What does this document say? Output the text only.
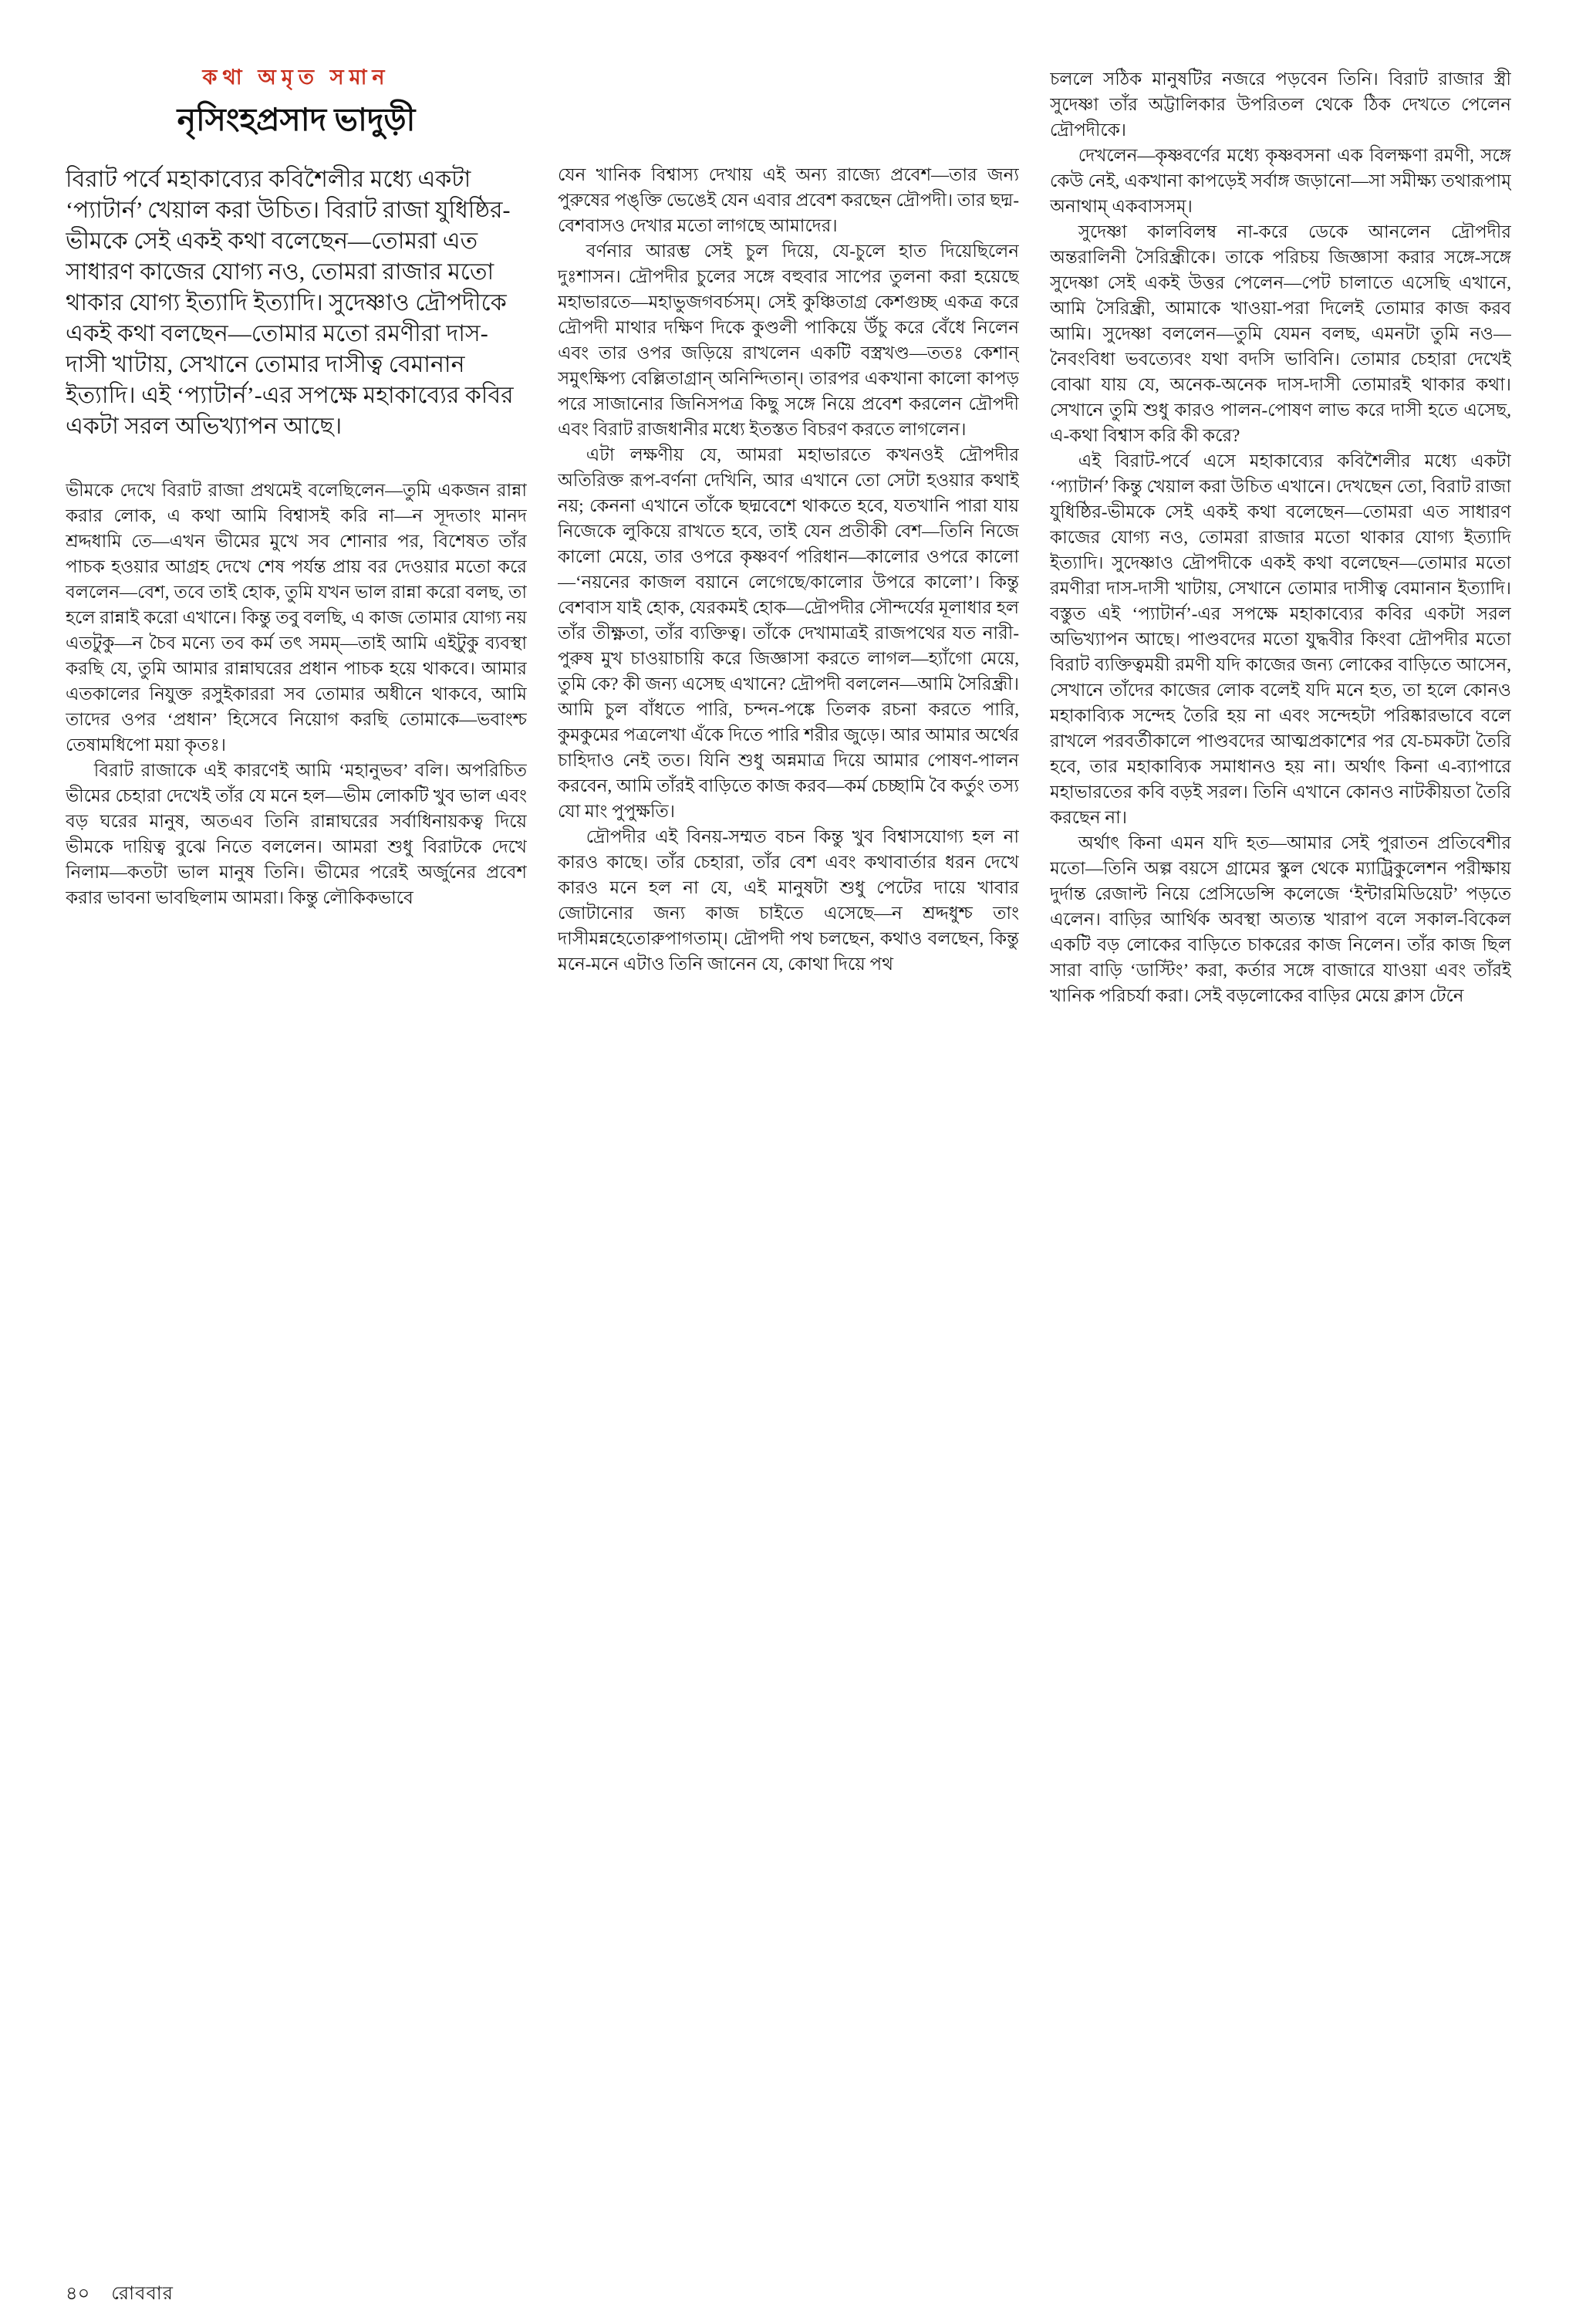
কথা অমৃত সমান
নৃসিংহপ্রসাদ ভাদুড়ী
বিরাট পর্বে মহাকাব্যের কবিশৈলীর মধ্যে একটা ‘প্যাটার্ন’ খেয়াল করা উচিত। বিরাট রাজা যুধিষ্ঠির-ভীমকে সেই একই কথা বলেছেন—তোমরা এত সাধারণ কাজের যোগ্য নও, তোমরা রাজার মতো থাকার যোগ্য ইত্যাদি ইত্যাদি। সুদেষ্ণাও দ্রৌপদীকে একই কথা বলছেন—তোমার মতো রমণীরা দাস-দাসী খাটায়, সেখানে তোমার দাসীত্ব বেমানান ইত্যাদি। এই ‘প্যাটার্ন’-এর সপক্ষে মহাকাব্যের কবির একটা সরল অভিখ্যাপন আছে।

ভীমকে দেখে বিরাট রাজা প্রথমেই বলেছিলেন—তুমি একজন রান্না করার লোক, এ কথা আমি বিশ্বাসই করি না—ন সূদতাং মানদ শ্রদ্দধামি তে—এখন ভীমের মুখে সব শোনার পর, বিশেষত তাঁর পাচক হওয়ার আগ্রহ দেখে শেষ পর্যন্ত প্রায় বর দেওয়ার মতো করে বললেন—বেশ, তবে তাই হোক, তুমি যখন ভাল রান্না করো বলছ, তা হলে রান্নাই করো এখানে। কিন্তু তবু বলছি, এ কাজ তোমার যোগ্য নয় এতটুকু—ন চৈব মন্যে তব কর্ম তৎ সমম্‌—তাই আমি এইটুকু ব্যবস্থা করছি যে, তুমি আমার রান্নাঘরের প্রধান পাচক হয়ে থাকবে। আমার এতকালের নিযুক্ত রসুইকাররা সব তোমার অধীনে থাকবে, আমি তাদের ওপর ‘প্রধান’ হিসেবে নিয়োগ করছি তোমাকে—ভবাংশ্চ তেষামধিপো ময়া কৃতঃ।

বিরাট রাজাকে এই কারণেই আমি ‘মহানুভব’ বলি। অপরিচিত ভীমের চেহারা দেখেই তাঁর যে মনে হল—ভীম লোকটি খুব ভাল এবং বড় ঘরের মানুষ, অতএব তিনি রান্নাঘরের সর্বাধিনায়কত্ব দিয়ে ভীমকে দায়িত্ব বুঝে নিতে বললেন। আমরা শুধু বিরাটকে দেখে নিলাম—কতটা ভাল মানুষ তিনি। ভীমের পরেই অর্জুনের প্রবেশ করার ভাবনা ভাবছিলাম আমরা। কিন্তু লৌকিকভাবে

যেন খানিক বিশ্বাস্য দেখায় এই অন্য রাজ্যে প্রবেশ—তার জন্য পুরুষের পঙ্‌ক্তি ভেঙেই যেন এবার প্রবেশ করছেন দ্রৌপদী। তার ছদ্ম-বেশবাসও দেখার মতো লাগছে আমাদের।

বর্ণনার আরম্ভ সেই চুল দিয়ে, যে-চুলে হাত দিয়েছিলেন দুঃশাসন। দ্রৌপদীর চুলের সঙ্গে বহুবার সাপের তুলনা করা হয়েছে মহাভারতে—মহাভুজগবর্চসম্‌। সেই কুঞ্চিতাগ্র কেশগুচ্ছ একত্র করে দ্রৌপদী মাথার দক্ষিণ দিকে কুণ্ডলী পাকিয়ে উঁচু করে বেঁধে নিলেন এবং তার ওপর জড়িয়ে রাখলেন একটি বস্ত্রখণ্ড—ততঃ কেশান্‌ সমুৎক্ষিপ্য বেল্লিতাগ্রান্‌ অনিন্দিতান্‌। তারপর একখানা কালো কাপড় পরে সাজানোর জিনিসপত্র কিছু সঙ্গে নিয়ে প্রবেশ করলেন দ্রৌপদী এবং বিরাট রাজধানীর মধ্যে ইতস্তত বিচরণ করতে লাগলেন।

এটা লক্ষণীয় যে, আমরা মহাভারতে কখনওই দ্রৌপদীর অতিরিক্ত রূপ-বর্ণনা দেখিনি, আর এখানে তো সেটা হওয়ার কথাই নয়; কেননা এখানে তাঁকে ছদ্মবেশে থাকতে হবে, যতখানি পারা যায় নিজেকে লুকিয়ে রাখতে হবে, তাই যেন প্রতীকী বেশ—তিনি নিজে কালো মেয়ে, তার ওপরে কৃষ্ণবর্ণ পরিধান—কালোর ওপরে কালো—‘নয়নের কাজল বয়ানে লেগেছে/কালোর উপরে কালো’। কিন্তু বেশবাস যাই হোক, যেরকমই হোক—দ্রৌপদীর সৌন্দর্যের মূলাধার হল তাঁর তীক্ষ্ণতা, তাঁর ব্যক্তিত্ব। তাঁকে দেখামাত্রই রাজপথের যত নারী-পুরুষ মুখ চাওয়াচায়ি করে জিজ্ঞাসা করতে লাগল—হ্যাঁগো মেয়ে, তুমি কে? কী জন্য এসেছ এখানে? দ্রৌপদী বললেন—আমি সৈরিন্ধ্রী। আমি চুল বাঁধতে পারি, চন্দন-পঙ্কে তিলক রচনা করতে পারি, কুমকুমের পত্রলেখা এঁকে দিতে পারি শরীর জুড়ে। আর আমার অর্থের চাহিদাও নেই তত। যিনি শুধু অন্নমাত্র দিয়ে আমার পোষণ-পালন করবেন, আমি তাঁরই বাড়িতে কাজ করব—কর্ম চেচ্ছামি বৈ কর্তুং তস্য যো মাং পুপুক্ষতি।

দ্রৌপদীর এই বিনয়-সম্মত বচন কিন্তু খুব বিশ্বাসযোগ্য হল না কারও কাছে। তাঁর চেহারা, তাঁর বেশ এবং কথাবার্তার ধরন দেখে কারও মনে হল না যে, এই মানুষটা শুধু পেটের দায়ে খাবার জোটানোর জন্য কাজ চাইতে এসেছে—ন শ্রদ্দধুশ্চ তাং দাসীমন্নহেতোরুপাগতাম্‌। দ্রৌপদী পথ চলছেন, কথাও বলছেন, কিন্তু মনে-মনে এটাও তিনি জানেন যে, কোথা দিয়ে পথ

চললে সঠিক মানুষটির নজরে পড়বেন তিনি। বিরাট রাজার স্ত্রী সুদেষ্ণা তাঁর অট্টালিকার উপরিতল থেকে ঠিক দেখতে পেলেন দ্রৌপদীকে।

দেখলেন—কৃষ্ণবর্ণের মধ্যে কৃষ্ণবসনা এক বিলক্ষণা রমণী, সঙ্গে কেউ নেই, একখানা কাপড়েই সর্বাঙ্গ জড়ানো—সা সমীক্ষ্য তথারূপাম্‌ অনাথাম্‌ একবাসসম্‌।

সুদেষ্ণা কালবিলম্ব না-করে ডেকে আনলেন দ্রৌপদীর অন্তরালিনী সৈরিন্ধ্রীকে। তাকে পরিচয় জিজ্ঞাসা করার সঙ্গে-সঙ্গে সুদেষ্ণা সেই একই উত্তর পেলেন—পেট চালাতে এসেছি এখানে, আমি সৈরিন্ধ্রী, আমাকে খাওয়া-পরা দিলেই তোমার কাজ করব আমি। সুদেষ্ণা বললেন—তুমি যেমন বলছ, এমনটা তুমি নও—নৈবংবিধা ভবত্যেবং যথা বদসি ভাবিনি। তোমার চেহারা দেখেই বোঝা যায় যে, অনেক-অনেক দাস-দাসী তোমারই থাকার কথা। সেখানে তুমি শুধু কারও পালন-পোষণ লাভ করে দাসী হতে এসেছ, এ-কথা বিশ্বাস করি কী করে?

এই বিরাট-পর্বে এসে মহাকাব্যের কবিশৈলীর মধ্যে একটা ‘প্যাটার্ন’ কিন্তু খেয়াল করা উচিত এখানে। দেখছেন তো, বিরাট রাজা যুধিষ্ঠির-ভীমকে সেই একই কথা বলেছেন—তোমরা এত সাধারণ কাজের যোগ্য নও, তোমরা রাজার মতো থাকার যোগ্য ইত্যাদি ইত্যাদি। সুদেষ্ণাও দ্রৌপদীকে একই কথা বলেছেন—তোমার মতো রমণীরা দাস-দাসী খাটায়, সেখানে তোমার দাসীত্ব বেমানান ইত্যাদি। বস্তুত এই ‘প্যাটার্ন’-এর সপক্ষে মহাকাব্যের কবির একটা সরল অভিখ্যাপন আছে। পাণ্ডবদের মতো যুদ্ধবীর কিংবা দ্রৌপদীর মতো বিরাট ব্যক্তিত্বময়ী রমণী যদি কাজের জন্য লোকের বাড়িতে আসেন, সেখানে তাঁদের কাজের লোক বলেই যদি মনে হত, তা হলে কোনও মহাকাব্যিক সন্দেহ তৈরি হয় না এবং সন্দেহটা পরিষ্কারভাবে বলে রাখলে পরবর্তীকালে পাণ্ডবদের আত্মপ্রকাশের পর যে-চমকটা তৈরি হবে, তার মহাকাব্যিক সমাধানও হয় না। অর্থাৎ কিনা এ-ব্যাপারে মহাভারতের কবি বড়ই সরল। তিনি এখানে কোনও নাটকীয়তা তৈরি করছেন না।

অর্থাৎ কিনা এমন যদি হত—আমার সেই পুরাতন প্রতিবেশীর মতো—তিনি অল্প বয়সে গ্রামের স্কুল থেকে ম্যাট্রিকুলেশন পরীক্ষায় দুর্দান্ত রেজাল্ট নিয়ে প্রেসিডেন্সি কলেজে ‘ইন্টারমিডিয়েট’ পড়তে এলেন। বাড়ির আর্থিক অবস্থা অত্যন্ত খারাপ বলে সকাল-বিকেল একটি বড় লোকের বাড়িতে চাকরের কাজ নিলেন। তাঁর কাজ ছিল সারা বাড়ি ‘ডাস্টিং’ করা, কর্তার সঙ্গে বাজারে যাওয়া এবং তাঁরই খানিক পরিচর্যা করা। সেই বড়লোকের বাড়ির মেয়ে ক্লাস টেনে

৪০ রোববার
